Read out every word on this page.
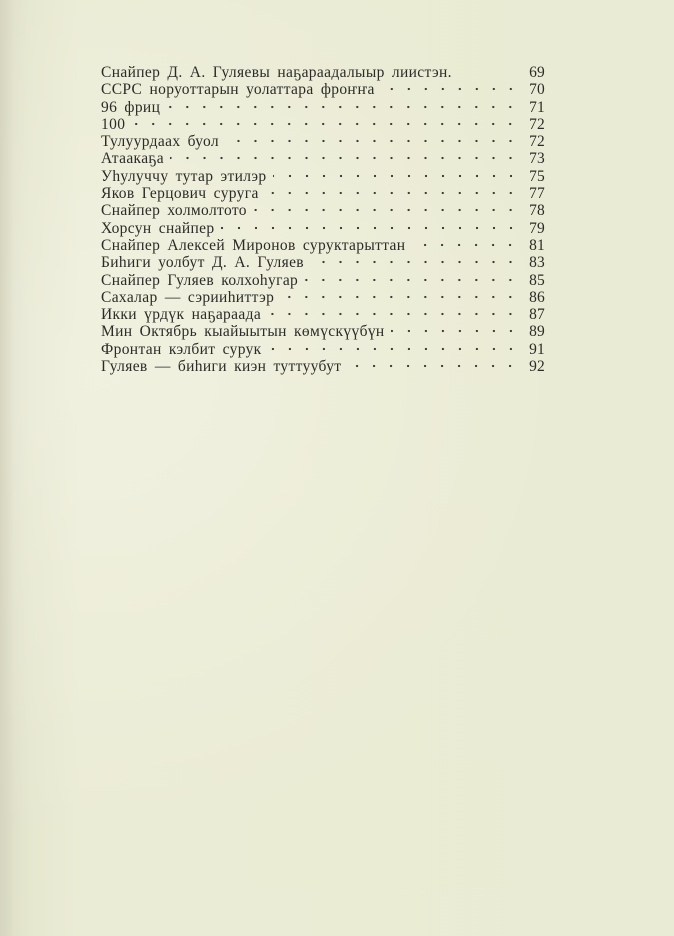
Снайпер Д. А. Гуляевы наҕараадалыыр лиистэн.	69
ССРС норуоттарын уолаттара фроҥҥа	70
96 фриц	71
100	72
Тулуурдаах буол	72
Атаакаҕа	73
Уһулуччу тутар этилэр	75
Яков Герцович суруга	77
Снайпер холмолтото	78
Хорсун снайпер	79
Снайпер Алексей Миронов суруктарыттан	81
Биһиги уолбут Д. А. Гуляев	83
Снайпер Гуляев колхоһугар	85
Сахалар — сэрииһиттэр	86
Икки үрдүк наҕараада	87
Мин Октябрь кыайыытын көмүскүүбүн	89
Фронтан кэлбит сурук	91
Гуляев — биһиги киэн туттуубут	92
